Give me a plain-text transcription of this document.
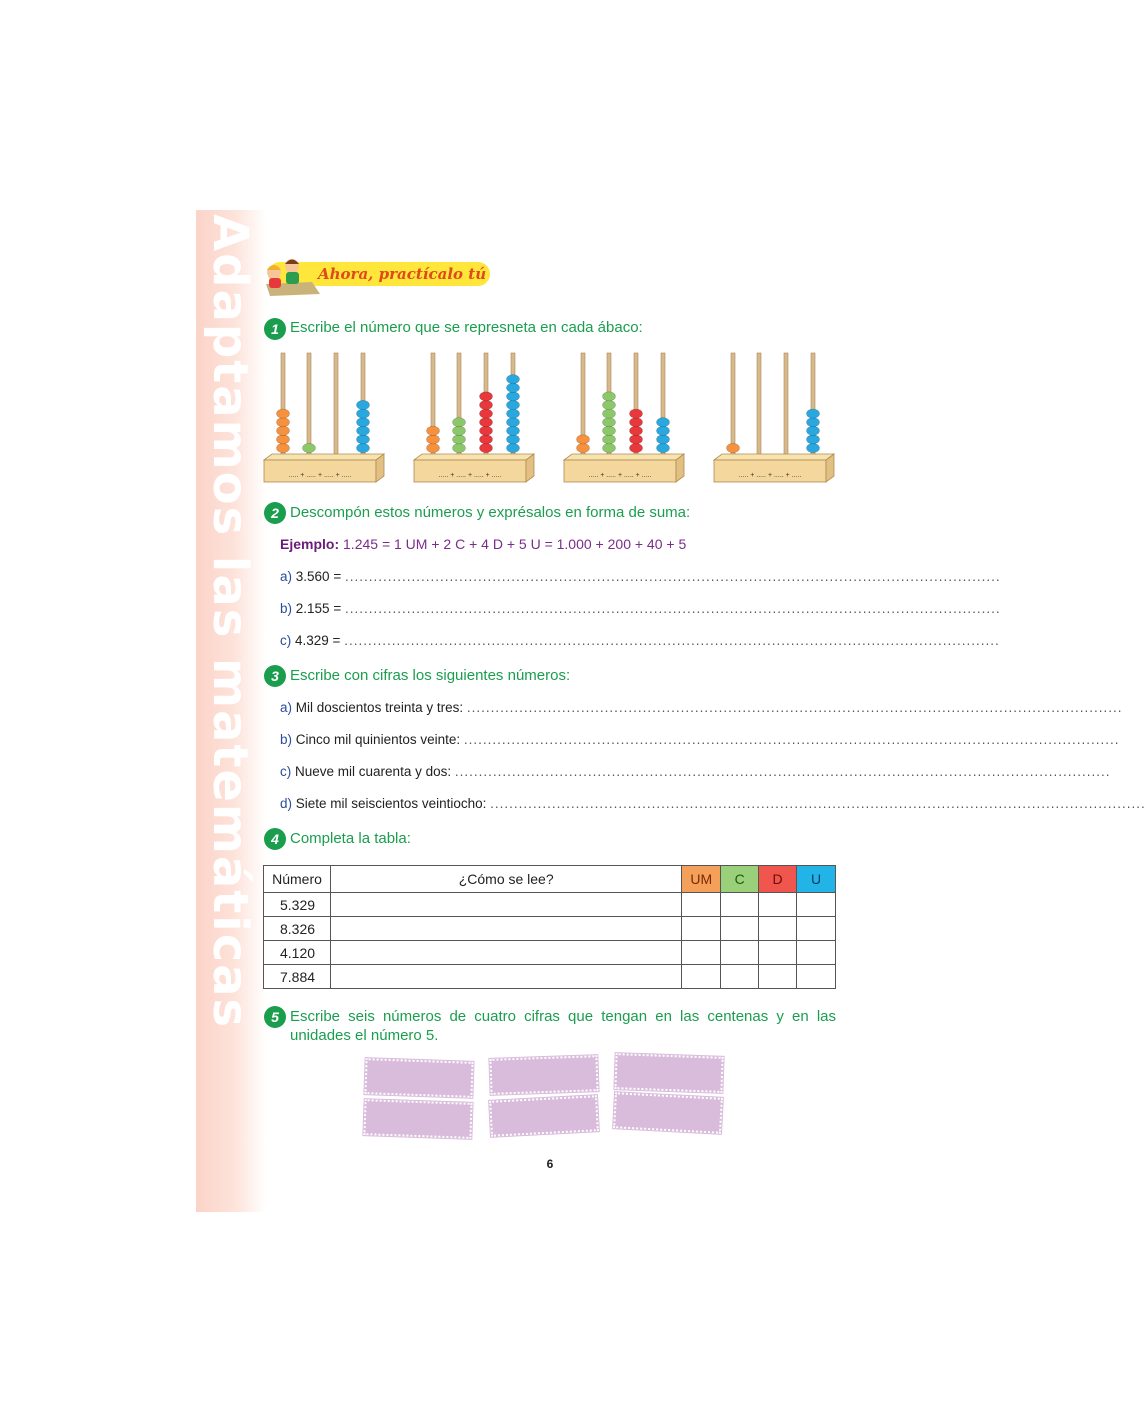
Adaptamos las matemáticas	Ahora, practícalo tú
1 Escribe el número que se represneta en cada ábaco:
..... + ..... + ..... + .....	..... + ..... + ..... + .....	..... + ..... + ..... + .....	..... + ..... + ..... + .....
2 Descompón estos números y exprésalos en forma de suma:
Ejemplo: 1.245 = 1 UM + 2 C + 4 D + 5 U = 1.000 + 200 + 40 + 5
a) 3.560 = ..........................................................................................................................................
b) 2.155 = ..........................................................................................................................................
c) 4.329 = ..........................................................................................................................................
3 Escribe con cifras los siguientes números:
a) Mil doscientos treinta y tres: ..........................................................................................................................................
b) Cinco mil quinientos veinte: ..........................................................................................................................................
c) Nueve mil cuarenta y dos: ..........................................................................................................................................
d) Siete mil seiscientos veintiocho: ..........................................................................................................................................
4 Completa la tabla:
Número	¿Cómo se lee?	UM	C	D	U
5.329					
8.326					
4.120					
7.884					
5 Escribe seis números de cuatro cifras que tengan en las centenas y en las unidades el número 5.
6
